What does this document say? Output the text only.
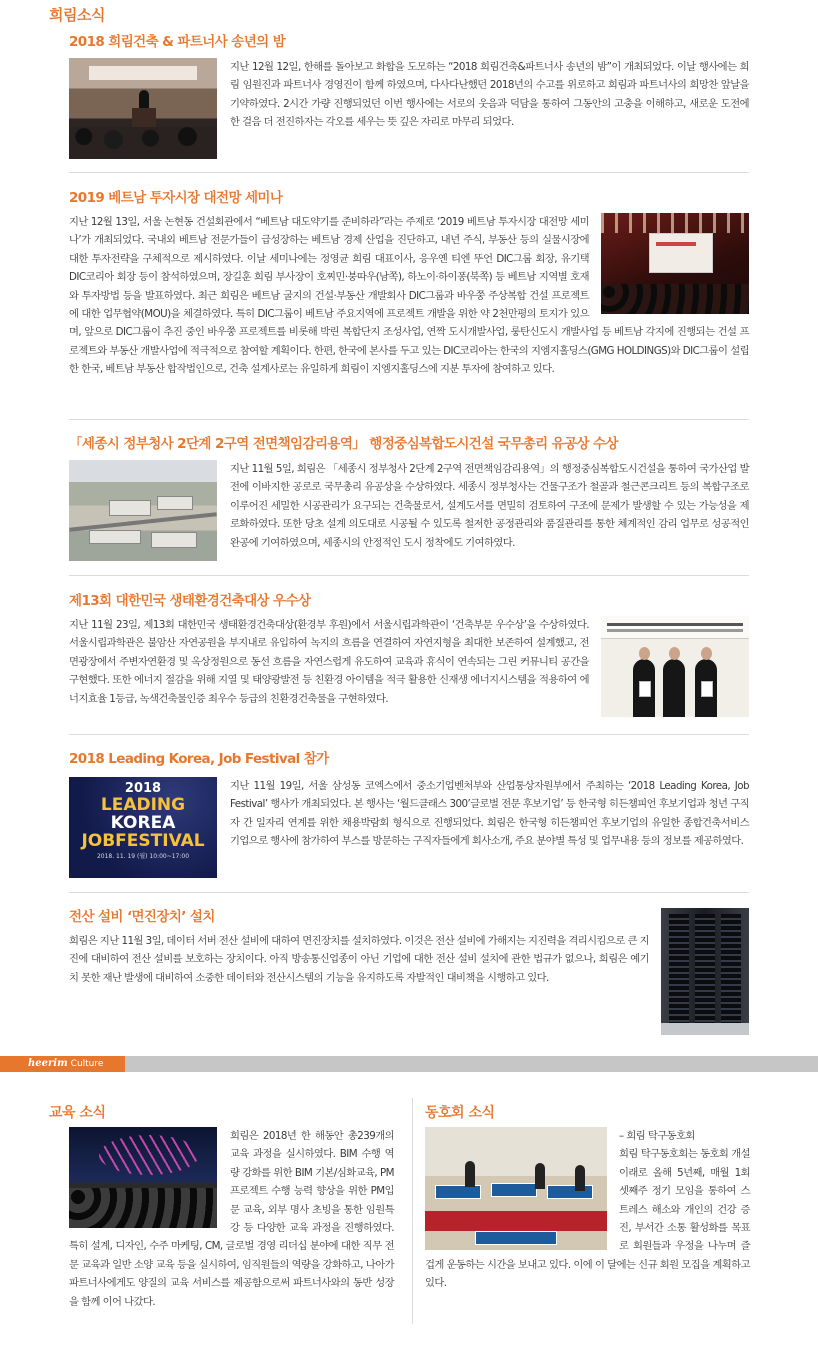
희림소식
2018 희림건축 & 파트너사 송년의 밤

지난 12월 12일, 한해를 돌아보고 화합을 도모하는 “2018 희림건축&파트너사 송년의 밤”이 개최되었다. 이날 행사에는 희림 임원진과 파트너사 경영진이 함께 하였으며, 다사다난했던 2018년의 수고를 위로하고 희림과 파트너사의 희망찬 앞날을 기약하였다. 2시간 가량 진행되었던 이번 행사에는 서로의 웃음과 덕담을 통하여 그동안의 고충을 이해하고, 새로운 도전에 한 걸음 더 전진하자는 각오를 세우는 뜻 깊은 자리로 마무리 되었다.

2019 베트남 투자시장 대전망 세미나

지난 12월 13일, 서울 논현동 건설회관에서 “베트남 대도약기를 준비하라”라는 주제로 ‘2019 베트남 투자시장 대전망 세미나’가 개최되었다. 국내외 베트남 전문가들이 급성장하는 베트남 경제 산업을 진단하고, 내년 주식, 부동산 등의 실물시장에 대한 투자전략을 구체적으로 제시하였다. 이날 세미나에는 정영균 희림 대표이사, 응우옌 티엔 뚜언 DIC그룹 회장, 유기택 DIC코리아 회장 등이 참석하였으며, 장길훈 희림 부사장이 호찌민·붕따우(남쪽), 하노이·하이퐁(북쪽) 등 베트남 지역별 호재와 투자방법 등을 발표하였다. 최근 희림은 베트남 굴지의 건설·부동산 개발회사 DIC그룹과 바우쭝 주상복합 건설 프로젝트에 대한 업무협약(MOU)을 체결하였다. 특히 DIC그룹이 베트남 주요지역에 프로젝트 개발을 위한 약 2천만평의 토지가 있으며, 앞으로 DIC그룹이 추진 중인 바우쭝 프로젝트를 비롯해 박린 복합단지 조성사업, 연짝 도시개발사업, 룽탄신도시 개발사업 등 베트남 각지에 진행되는 건설 프로젝트와 부동산 개발사업에 적극적으로 참여할 계획이다. 한편, 한국에 본사를 두고 있는 DIC코리아는 한국의 지엠지홀딩스(GMG HOLDINGS)와 DIC그룹이 설립한 한국, 베트남 부동산 합작법인으로, 건축 설계사로는 유일하게 희림이 지엠지홀딩스에 지분 투자에 참여하고 있다.

「세종시 정부청사 2단계 2구역 전면책임감리용역」 행정중심복합도시건설 국무총리 유공상 수상

지난 11월 5일, 희림은 「세종시 정부청사 2단계 2구역 전면책임감리용역」의 행정중심복합도시건설을 통하여 국가산업 발전에 이바지한 공로로 국무총리 유공상을 수상하였다. 세종시 정부청사는 건물구조가 철골과 철근콘크리트 등의 복합구조로 이루어진 세밀한 시공관리가 요구되는 건축물로서, 설계도서를 면밀히 검토하여 구조에 문제가 발생할 수 있는 가능성을 제로화하였다. 또한 당초 설계 의도대로 시공될 수 있도록 철저한 공정관리와 품질관리를 통한 체계적인 감리 업무로 성공적인 완공에 기여하였으며, 세종시의 안정적인 도시 정착에도 기여하였다.

제13회 대한민국 생태환경건축대상 우수상

지난 11월 23일, 제13회 대한민국 생태환경건축대상(환경부 후원)에서 서울시립과학관이 ‘건축부문 우수상’을 수상하였다. 서울시립과학관은 불암산 자연공원을 부지내로 유입하여 녹지의 흐름을 연결하여 자연지형을 최대한 보존하여 설계했고, 전면광장에서 주변자연환경 및 옥상정원으로 동선 흐름을 자연스럽게 유도하여 교육과 휴식이 연속되는 그린 커뮤니티 공간을 구현했다. 또한 에너지 절감을 위해 지열 및 태양광발전 등 친환경 아이템을 적극 활용한 신재생 에너지시스템을 적용하여 에너지효율 1등급, 녹색건축물인증 최우수 등급의 친환경건축물을 구현하였다.

2018 Leading Korea, Job Festival 참가
2018
LEADING
KOREA
JOBFESTIVAL
2018. 11. 19 (월) 10:00~17:00

지난 11월 19일, 서울 삼성동 코엑스에서 중소기업벤처부와 산업통상자원부에서 주최하는 ‘2018 Leading Korea, Job Festival’ 행사가 개최되었다. 본 행사는 ‘월드클래스 300’글로벌 전문 후보기업’ 등 한국형 히든챔피언 후보기업과 청년 구직자 간 일자리 연계를 위한 채용박람회 형식으로 진행되었다. 희림은 한국형 히든챔피언 후보기업의 유일한 종합건축서비스 기업으로 행사에 참가하여 부스를 방문하는 구직자들에게 회사소개, 주요 분야별 특성 및 업무내용 등의 정보를 제공하였다.

전산 설비 ‘면진장치’ 설치

희림은 지난 11월 3일, 데이터 서버 전산 설비에 대하여 면진장치를 설치하였다. 이것은 전산 설비에 가해지는 지진력을 격리시킴으로 큰 지진에 대비하여 전산 설비를 보호하는 장치이다. 아직 방송통신업종이 아닌 기업에 대한 전산 설비 설치에 관한 법규가 없으나, 희림은 예기치 못한 재난 발생에 대비하여 소중한 데이터와 전산시스템의 기능을 유지하도록 자발적인 대비책을 시행하고 있다.

heerim Culture
교육 소식

희림은 2018년 한 해동안 총239개의 교육 과정을 실시하였다. BIM 수행 역량 강화를 위한 BIM 기본/심화교육, PM프로젝트 수행 능력 향상을 위한 PM입문 교육, 외부 명사 초빙을 통한 임원특강 등 다양한 교육 과정을 진행하였다. 특히 설계, 디자인, 수주 마케팅, CM, 글로벌 경영 리더십 분야에 대한 직무 전문 교육과 일반 소양 교육 등을 실시하여, 임직원들의 역량을 강화하고, 나아가 파트너사에게도 양질의 교육 서비스를 제공함으로써 파트너사와의 동반 성장을 함께 이어 나갔다.

동호회 소식

– 희림 탁구동호회

희림 탁구동호회는 동호회 개설 이래로 올해 5년째, 매월 1회 셋째주 정기 모임을 통하여 스트레스 해소와 개인의 건강 증진, 부서간 소통 활성화를 목표로 회원들과 우정을 나누며 즐겁게 운동하는 시간을 보내고 있다. 이에 이 달에는 신규 회원 모집을 계획하고 있다.
